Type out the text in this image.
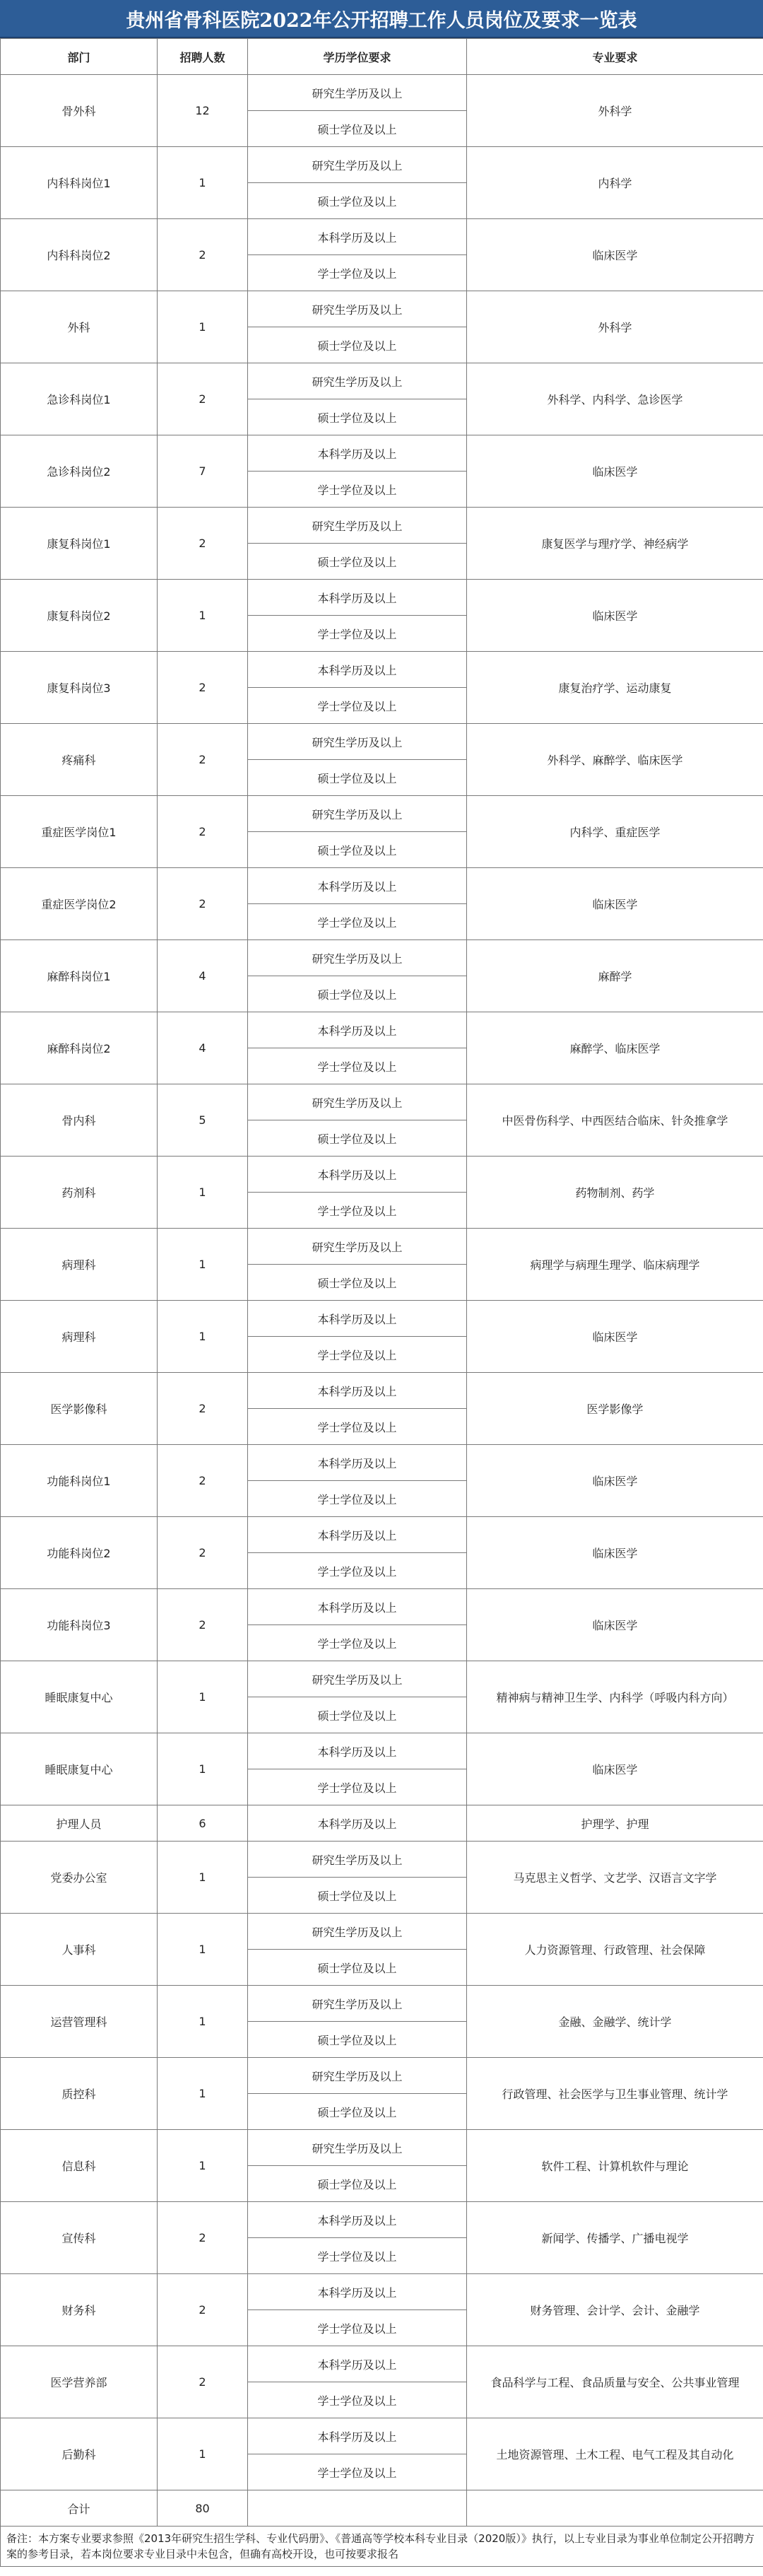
贵州省骨科医院2022年公开招聘工作人员岗位及要求一览表
部门	招聘人数	学历学位要求	专业要求
骨外科	12	研究生学历及以上	外科学
		硕士学位及以上	
内科科岗位1	1	研究生学历及以上	内科学
		硕士学位及以上	
内科科岗位2	2	本科学历及以上	临床医学
		学士学位及以上	
外科	1	研究生学历及以上	外科学
		硕士学位及以上	
急诊科岗位1	2	研究生学历及以上	外科学、内科学、急诊医学
		硕士学位及以上	
急诊科岗位2	7	本科学历及以上	临床医学
		学士学位及以上	
康复科岗位1	2	研究生学历及以上	康复医学与理疗学、神经病学
		硕士学位及以上	
康复科岗位2	1	本科学历及以上	临床医学
		学士学位及以上	
康复科岗位3	2	本科学历及以上	康复治疗学、运动康复
		学士学位及以上	
疼痛科	2	研究生学历及以上	外科学、麻醉学、临床医学
		硕士学位及以上	
重症医学岗位1	2	研究生学历及以上	内科学、重症医学
		硕士学位及以上	
重症医学岗位2	2	本科学历及以上	临床医学
		学士学位及以上	
麻醉科岗位1	4	研究生学历及以上	麻醉学
		硕士学位及以上	
麻醉科岗位2	4	本科学历及以上	麻醉学、临床医学
		学士学位及以上	
骨内科	5	研究生学历及以上	中医骨伤科学、中西医结合临床、针灸推拿学
		硕士学位及以上	
药剂科	1	本科学历及以上	药物制剂、药学
		学士学位及以上	
病理科	1	研究生学历及以上	病理学与病理生理学、临床病理学
		硕士学位及以上	
病理科	1	本科学历及以上	临床医学
		学士学位及以上	
医学影像科	2	本科学历及以上	医学影像学
		学士学位及以上	
功能科岗位1	2	本科学历及以上	临床医学
		学士学位及以上	
功能科岗位2	2	本科学历及以上	临床医学
		学士学位及以上	
功能科岗位3	2	本科学历及以上	临床医学
		学士学位及以上	
睡眠康复中心	1	研究生学历及以上	精神病与精神卫生学、内科学（呼吸内科方向）
		硕士学位及以上	
睡眠康复中心	1	本科学历及以上	临床医学
		学士学位及以上	
护理人员	6	本科学历及以上	护理学、护理
党委办公室	1	研究生学历及以上	马克思主义哲学、文艺学、汉语言文字学
		硕士学位及以上	
人事科	1	研究生学历及以上	人力资源管理、行政管理、社会保障
		硕士学位及以上	
运营管理科	1	研究生学历及以上	金融、金融学、统计学
		硕士学位及以上	
质控科	1	研究生学历及以上	行政管理、社会医学与卫生事业管理、统计学
		硕士学位及以上	
信息科	1	研究生学历及以上	软件工程、计算机软件与理论
		硕士学位及以上	
宣传科	2	本科学历及以上	新闻学、传播学、广播电视学
		学士学位及以上	
财务科	2	本科学历及以上	财务管理、会计学、会计、金融学
		学士学位及以上	
医学营养部	2	本科学历及以上	食品科学与工程、食品质量与安全、公共事业管理
		学士学位及以上	
后勤科	1	本科学历及以上	土地资源管理、土木工程、电气工程及其自动化
		学士学位及以上	
合计	80		
备注：本方案专业要求参照《2013年研究生招生学科、专业代码册》、《普通高等学校本科专业目录（2020版）》执行，以上专业目录为事业单位制定公开招聘方案的参考目录，若本岗位要求专业目录中未包含，但确有高校开设，也可按要求报名			
